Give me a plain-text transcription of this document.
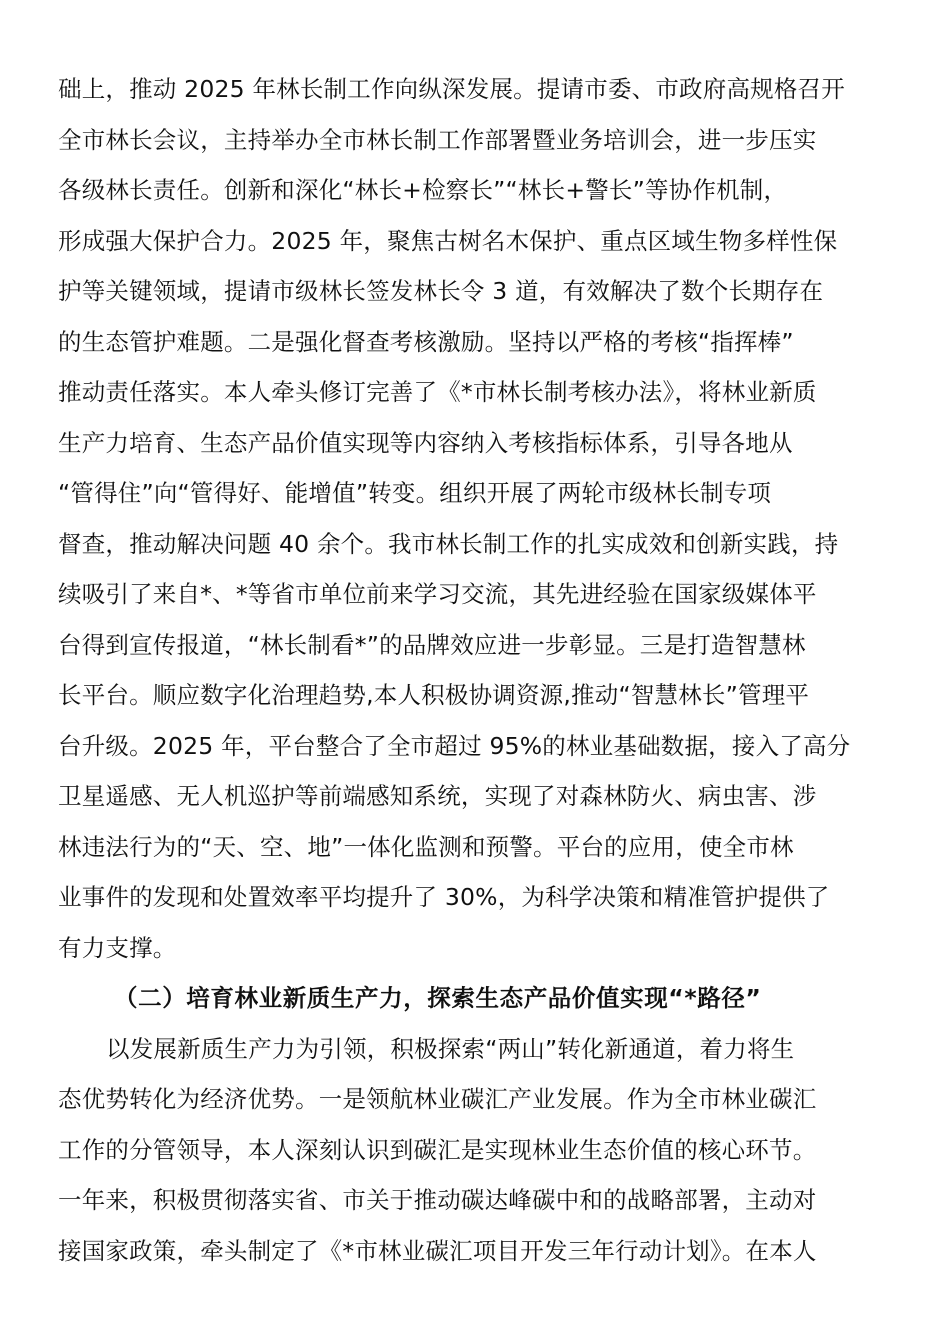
础上，推动 2025 年林长制工作向纵深发展。提请市委、市政府高规格召开
全市林长会议，主持举办全市林长制工作部署暨业务培训会，进一步压实
各级林长责任。创新和深化“林长+检察长”“林长+警长”等协作机制，
形成强大保护合力。2025 年，聚焦古树名木保护、重点区域生物多样性保
护等关键领域，提请市级林长签发林长令 3 道，有效解决了数个长期存在
的生态管护难题。二是强化督查考核激励。坚持以严格的考核“指挥棒”
推动责任落实。本人牵头修订完善了《*市林长制考核办法》，将林业新质
生产力培育、生态产品价值实现等内容纳入考核指标体系，引导各地从
“管得住”向“管得好、能增值”转变。组织开展了两轮市级林长制专项
督查，推动解决问题 40 余个。我市林长制工作的扎实成效和创新实践，持
续吸引了来自*、*等省市单位前来学习交流，其先进经验在国家级媒体平
台得到宣传报道，“林长制看*”的品牌效应进一步彰显。三是打造智慧林
长平台。顺应数字化治理趋势,本人积极协调资源,推动“智慧林长”管理平
台升级。2025 年，平台整合了全市超过 95%的林业基础数据，接入了高分
卫星遥感、无人机巡护等前端感知系统，实现了对森林防火、病虫害、涉
林违法行为的“天、空、地”一体化监测和预警。平台的应用，使全市林
业事件的发现和处置效率平均提升了 30%，为科学决策和精准管护提供了
有力支撑。
（二）培育林业新质生产力，探索生态产品价值实现“*路径”
以发展新质生产力为引领，积极探索“两山”转化新通道，着力将生
态优势转化为经济优势。一是领航林业碳汇产业发展。作为全市林业碳汇
工作的分管领导，本人深刻认识到碳汇是实现林业生态价值的核心环节。
一年来，积极贯彻落实省、市关于推动碳达峰碳中和的战略部署，主动对
接国家政策，牵头制定了《*市林业碳汇项目开发三年行动计划》。在本人
